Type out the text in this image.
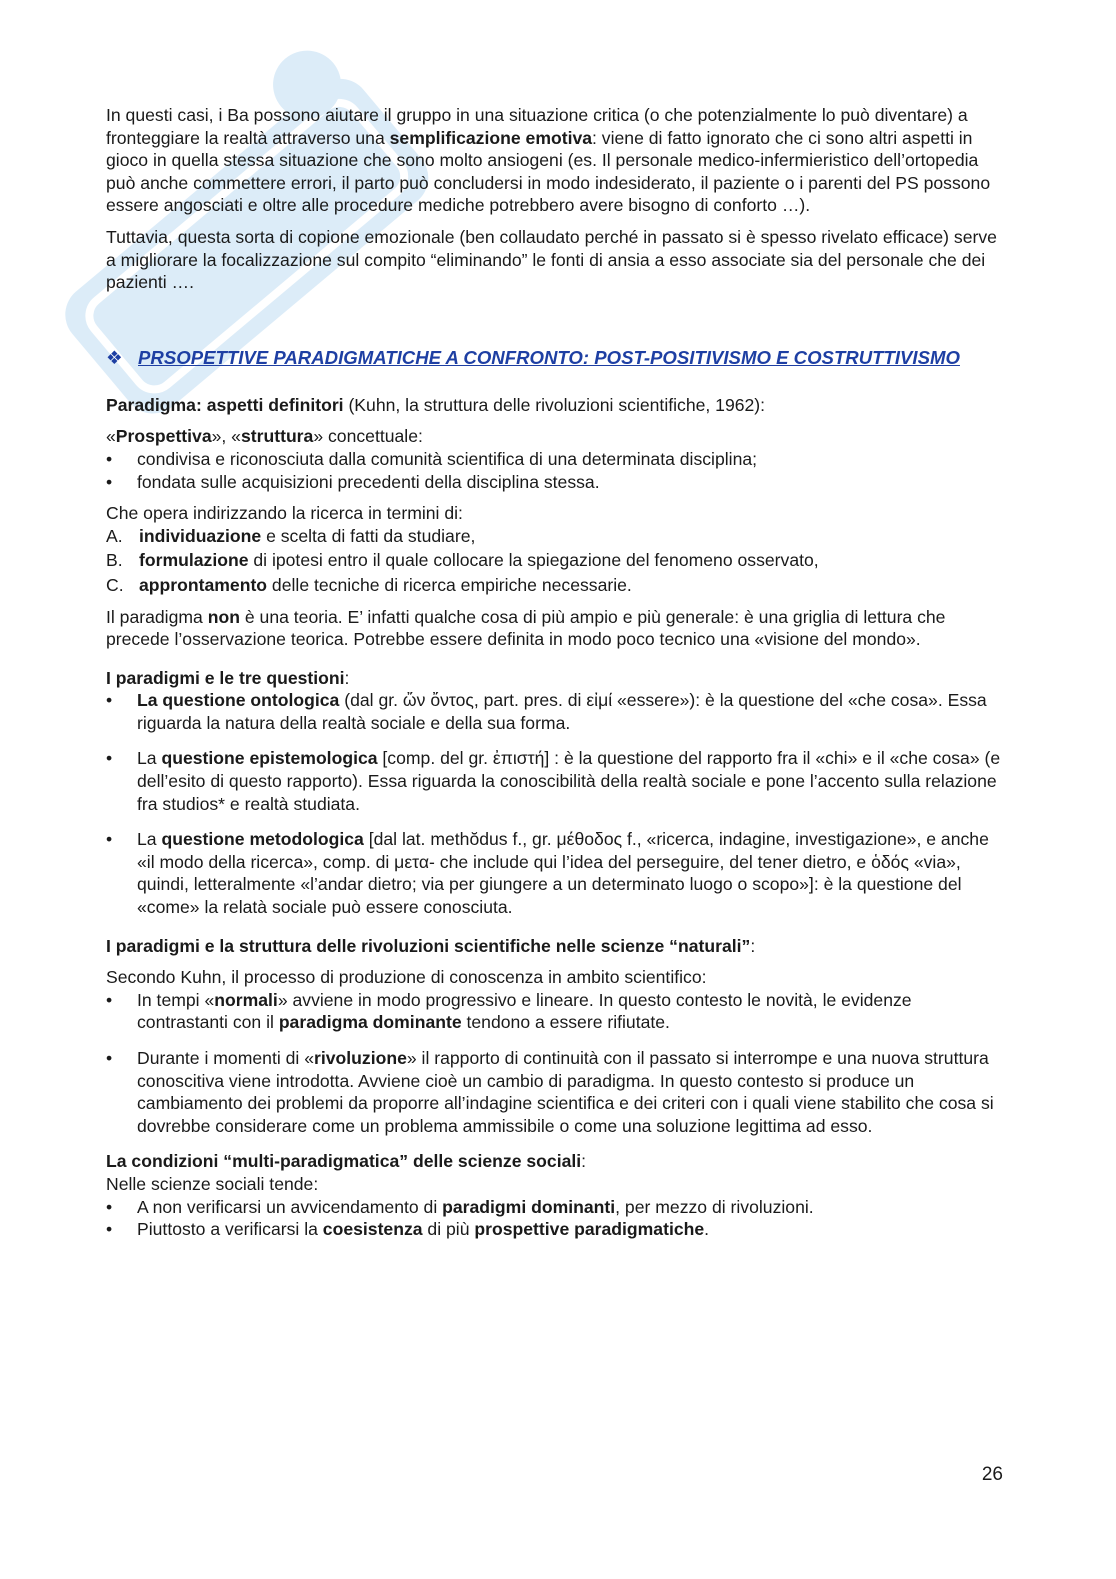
In questi casi, i Ba possono aiutare il gruppo in una situazione critica (o che potenzialmente lo può diventare) a fronteggiare la realtà attraverso una semplificazione emotiva: viene di fatto ignorato che ci sono altri aspetti in gioco in quella stessa situazione che sono molto ansiogeni (es. Il personale medico-infermieristico dell’ortopedia può anche commettere errori, il parto può concludersi in modo indesiderato, il paziente o i parenti del PS possono essere angosciati e oltre alle procedure mediche potrebbero avere bisogno di conforto …).

Tuttavia, questa sorta di copione emozionale (ben collaudato perché in passato si è spesso rivelato efficace) serve a migliorare la focalizzazione sul compito “eliminando” le fonti di ansia a esso associate sia del personale che dei pazienti ….

❖ PRSOPETTIVE PARADIGMATICHE A CONFRONTO: POST-POSITIVISMO E COSTRUTTIVISMO

Paradigma: aspetti definitori (Kuhn, la struttura delle rivoluzioni scientifiche, 1962):

«Prospettiva», «struttura» concettuale:

• condivisa e riconosciuta dalla comunità scientifica di una determinata disciplina;
• fondata sulle acquisizioni precedenti della disciplina stessa.

Che opera indirizzando la ricerca in termini di:

A. individuazione e scelta di fatti da studiare,
B. formulazione di ipotesi entro il quale collocare la spiegazione del fenomeno osservato,
C. approntamento delle tecniche di ricerca empiriche necessarie.

Il paradigma non è una teoria. E’ infatti qualche cosa di più ampio e più generale: è una griglia di lettura che precede l’osservazione teorica. Potrebbe essere definita in modo poco tecnico una «visione del mondo».

I paradigmi e le tre questioni:

• La questione ontologica (dal gr. ὤν ὄντος, part. pres. di εἰμί «essere»): è la questione del «che cosa». Essa riguarda la natura della realtà sociale e della sua forma.
• La questione epistemologica [comp. del gr. ἐπιστή] : è la questione del rapporto fra il «chi» e il «che cosa» (e dell’esito di questo rapporto). Essa riguarda la conoscibilità della realtà sociale e pone l’accento sulla relazione fra studios* e realtà studiata.
• La questione metodologica [dal lat. methŏdus f., gr. μέθοδος f., «ricerca, indagine, investigazione», e anche «il modo della ricerca», comp. di μετα- che include qui l’idea del perseguire, del tener dietro, e ὁδός «via», quindi, letteralmente «l’andar dietro; via per giungere a un determinato luogo o scopo»]: è la questione del «come» la relatà sociale può essere conosciuta.

I paradigmi e la struttura delle rivoluzioni scientifiche nelle scienze “naturali”:

Secondo Kuhn, il processo di produzione di conoscenza in ambito scientifico:

• In tempi «normali» avviene in modo progressivo e lineare. In questo contesto le novità, le evidenze contrastanti con il paradigma dominante tendono a essere rifiutate.
• Durante i momenti di «rivoluzione» il rapporto di continuità con il passato si interrompe e una nuova struttura conoscitiva viene introdotta. Avviene cioè un cambio di paradigma. In questo contesto si produce un cambiamento dei problemi da proporre all’indagine scientifica e dei criteri con i quali viene stabilito che cosa si dovrebbe considerare come un problema ammissibile o come una soluzione legittima ad esso.

La condizioni “multi-paradigmatica” delle scienze sociali:

Nelle scienze sociali tende:

• A non verificarsi un avvicendamento di paradigmi dominanti, per mezzo di rivoluzioni.
• Piuttosto a verificarsi la coesistenza di più prospettive paradigmatiche.
26
